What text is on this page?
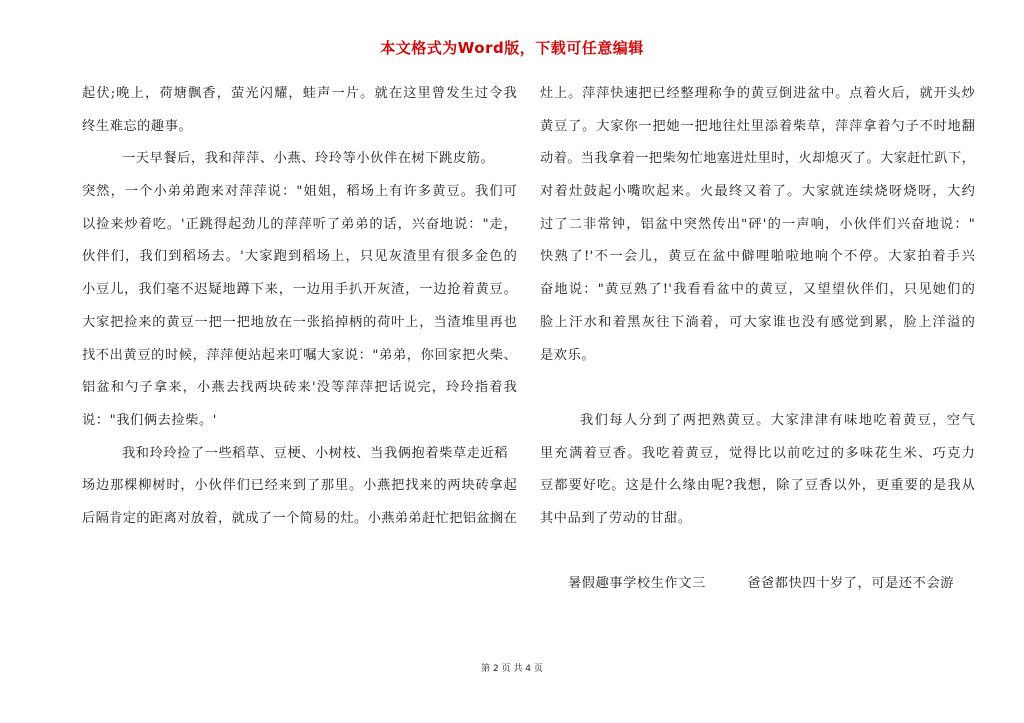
本文格式为Word版，下载可任意编辑
起伏;晚上，荷塘飘香，萤光闪耀，蛙声一片。就在这里曾发生过令我
终生难忘的趣事。
一天早餐后，我和萍萍、小燕、玲玲等小伙伴在树下跳皮筋。
突然，一个小弟弟跑来对萍萍说："姐姐，稻场上有许多黄豆。我们可
以捡来炒着吃。'正跳得起劲儿的萍萍听了弟弟的话，兴奋地说："走，
伙伴们，我们到稻场去。'大家跑到稻场上，只见灰渣里有很多金色的
小豆儿，我们毫不迟疑地蹲下来，一边用手扒开灰渣，一边抢着黄豆。
大家把捡来的黄豆一把一把地放在一张掐掉柄的荷叶上，当渣堆里再也
找不出黄豆的时候，萍萍便站起来叮嘱大家说："弟弟，你回家把火柴、
铝盆和勺子拿来，小燕去找两块砖来'没等萍萍把话说完，玲玲指着我
说："我们俩去捡柴。'
我和玲玲捡了一些稻草、豆梗、小树枝、当我俩抱着柴草走近稻
场边那棵柳树时，小伙伴们已经来到了那里。小燕把找来的两块砖拿起
后隔肯定的距离对放着，就成了一个简易的灶。小燕弟弟赶忙把铝盆搁在
灶上。萍萍快速把已经整理称争的黄豆倒进盆中。点着火后，就开头炒
黄豆了。大家你一把她一把地往灶里添着柴草，萍萍拿着勺子不时地翻
动着。当我拿着一把柴匆忙地塞进灶里时，火却熄灭了。大家赶忙趴下，
对着灶鼓起小嘴吹起来。火最终又着了。大家就连续烧呀烧呀，大约
过了二非常钟，铝盆中突然传出"砰'的一声响，小伙伴们兴奋地说："
快熟了!'不一会儿，黄豆在盆中僻哩啪啦地响个不停。大家拍着手兴
奋地说："黄豆熟了!'我看看盆中的黄豆，又望望伙伴们，只见她们的
脸上汗水和着黑灰往下淌着，可大家谁也没有感觉到累，脸上洋溢的
是欢乐。
我们每人分到了两把熟黄豆。大家津津有味地吃着黄豆，空气
里充满着豆香。我吃着黄豆，觉得比以前吃过的多味花生米、巧克力
豆都要好吃。这是什么缘由呢?我想，除了豆香以外，更重要的是我从
其中品到了劳动的甘甜。
暑假趣事学校生作文三　　　爸爸都快四十岁了，可是还不会游
第 2 页 共 4 页
